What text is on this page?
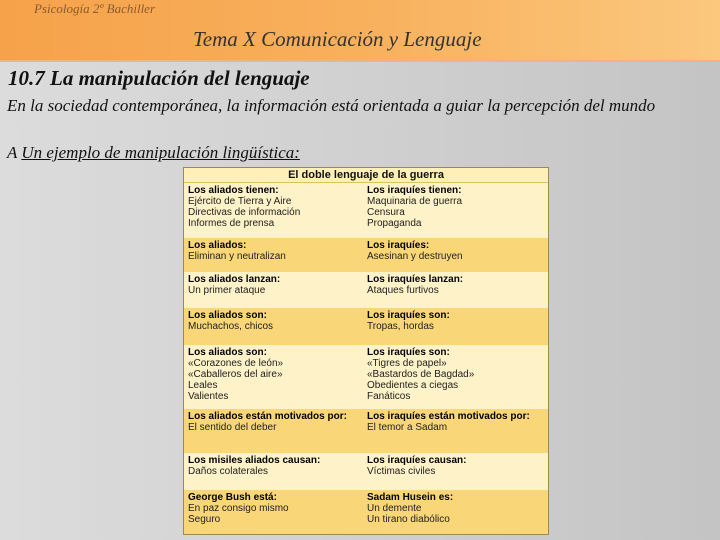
Psicología 2º Bachiller
Tema X Comunicación y Lenguaje
10.7 La manipulación del lenguaje
En la sociedad contemporánea, la información está orientada a guiar la percepción del mundo
A Un ejemplo de manipulación lingüística:
El doble lenguaje de la guerra
Los aliados tienen:
Ejército de Tierra y Aire
Directivas de información
Informes de prensa
Los iraquíes tienen:
Maquinaria de guerra
Censura
Propaganda
Los aliados:
Eliminan y neutralizan
Los iraquíes:
Asesinan y destruyen
Los aliados lanzan:
Un primer ataque
Los iraquíes lanzan:
Ataques furtivos
Los aliados son:
Muchachos, chicos
Los iraquíes son:
Tropas, hordas
Los aliados son:
«Corazones de león»
«Caballeros del aire»
Leales
Valientes
Los iraquíes son:
«Tigres de papel»
«Bastardos de Bagdad»
Obedientes a ciegas
Fanáticos
Los aliados están motivados por:
El sentido del deber
Los iraquíes están motivados por:
El temor a Sadam
Los misiles aliados causan:
Daños colaterales
Los iraquíes causan:
Víctimas civiles
George Bush está:
En paz consigo mismo
Seguro
Sadam Husein es:
Un demente
Un tirano diabólico
